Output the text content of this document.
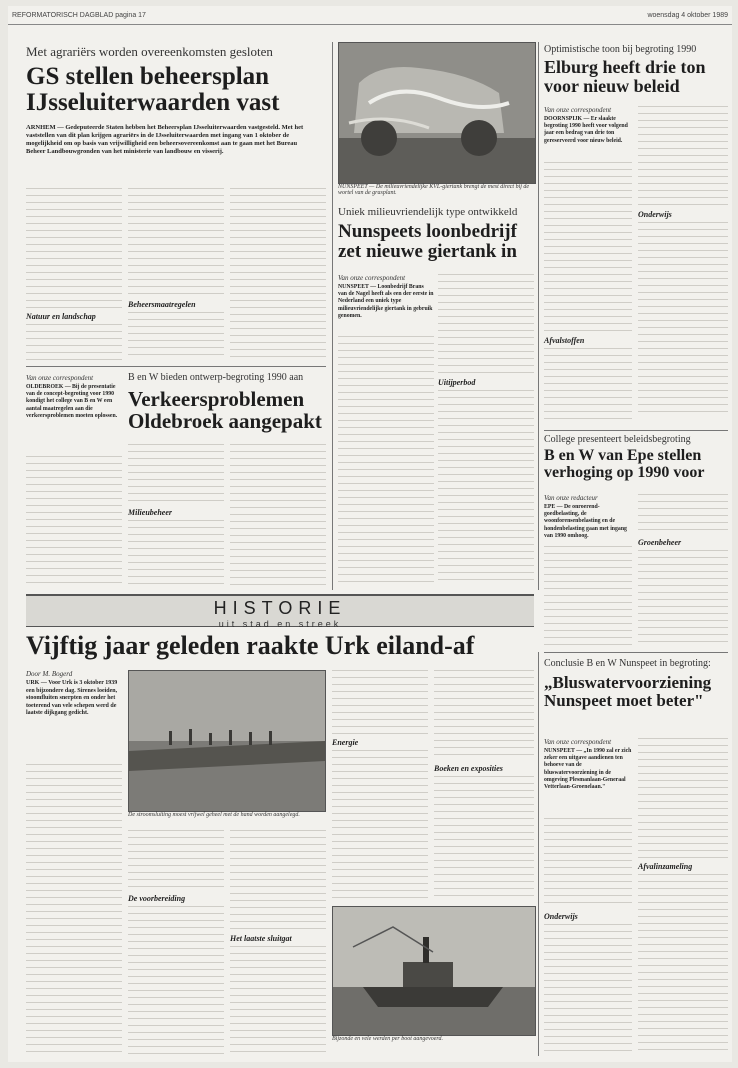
REFORMATORISCH DAGBLAD pagina 17	woensdag 4 oktober 1989
Met agrariërs worden overeenkomsten gesloten
GS stellen beheersplan IJsseluiterwaarden vast
ARNHEM — Gedeputeerde Staten hebben het Beheersplan IJsseluiterwaarden vastgesteld. Met het vaststellen van dit plan krijgen agrariërs in de IJsseluiterwaarden met ingang van 1 oktober de mogelijkheid om op basis van vrijwilligheid een beheersovereenkomst aan te gaan met het Bureau Beheer Landbouwgronden van het ministerie van landbouw en visserij.
Natuur en landschap
Beheersmaatregelen
NUNSPEET — De milieuvriendelijke KVL-giertank brengt de mest direct bij de wortel van de grasplant.
Uniek milieuvriendelijk type ontwikkeld
Nunspeets loonbedrijf zet nieuwe giertank in
Van onze correspondent
NUNSPEET — Loonbedrijf Brans van de Nagel heeft als een der eerste in Nederland een uniek type milieuvriendelijke giertank in gebruik genomen.
Uitijperbod
Optimistische toon bij begroting 1990
Elburg heeft drie ton voor nieuw beleid
Van onze correspondent
DOORNSPIJK — Er slaakte begroting 1990 heeft voor volgend jaar een bedrag van drie ton gereserveerd voor nieuw beleid.
Afvalstoffen
Onderwijs
Van onze correspondent
OLDEBROEK — Bij de presentatie van de concept-begroting voor 1990 kondigt het college van B en W een aantal maatregelen aan die verkeersproblemen moeten oplossen.
B en W bieden ontwerp-begroting 1990 aan
Verkeersproblemen Oldebroek aangepakt
Milieubeheer
College presenteert beleidsbegroting
B en W van Epe stellen verhoging op 1990 voor
Van onze redacteur
EPE — De onroerend-goedbelasting, de woonforensenbelasting en de hondenbelasting gaan met ingang van 1990 omhoog.
Groenbeheer
HISTORIE
uit stad en streek
Vijftig jaar geleden raakte Urk eiland-af
Door M. Bogerd
URK — Voor Urk is 3 oktober 1939 een bijzondere dag. Sirenes loeiden, stoomfluiten snerpten en onder het toeterend van vele schepen werd de laatste dijkgang gedicht.
De stroomsluiting moest vrijwel geheel met de hand worden aangelegd.
De voorbereiding
Het laatste sluitgat
Energie
Boeken en exposities
Bijzonde en vele werden per boot aangevoerd.
Conclusie B en W Nunspeet in begroting:
„Bluswatervoorziening Nunspeet moet beter"
Van onze correspondent
NUNSPEET — „In 1990 zal er zich zeker een uitgave aandienen ten behoeve van de bluswatervoorziening in de omgeving Plesmanlaan-Generaal Vetterlaan-Groenelaan."
Onderwijs
Afvalinzameling
